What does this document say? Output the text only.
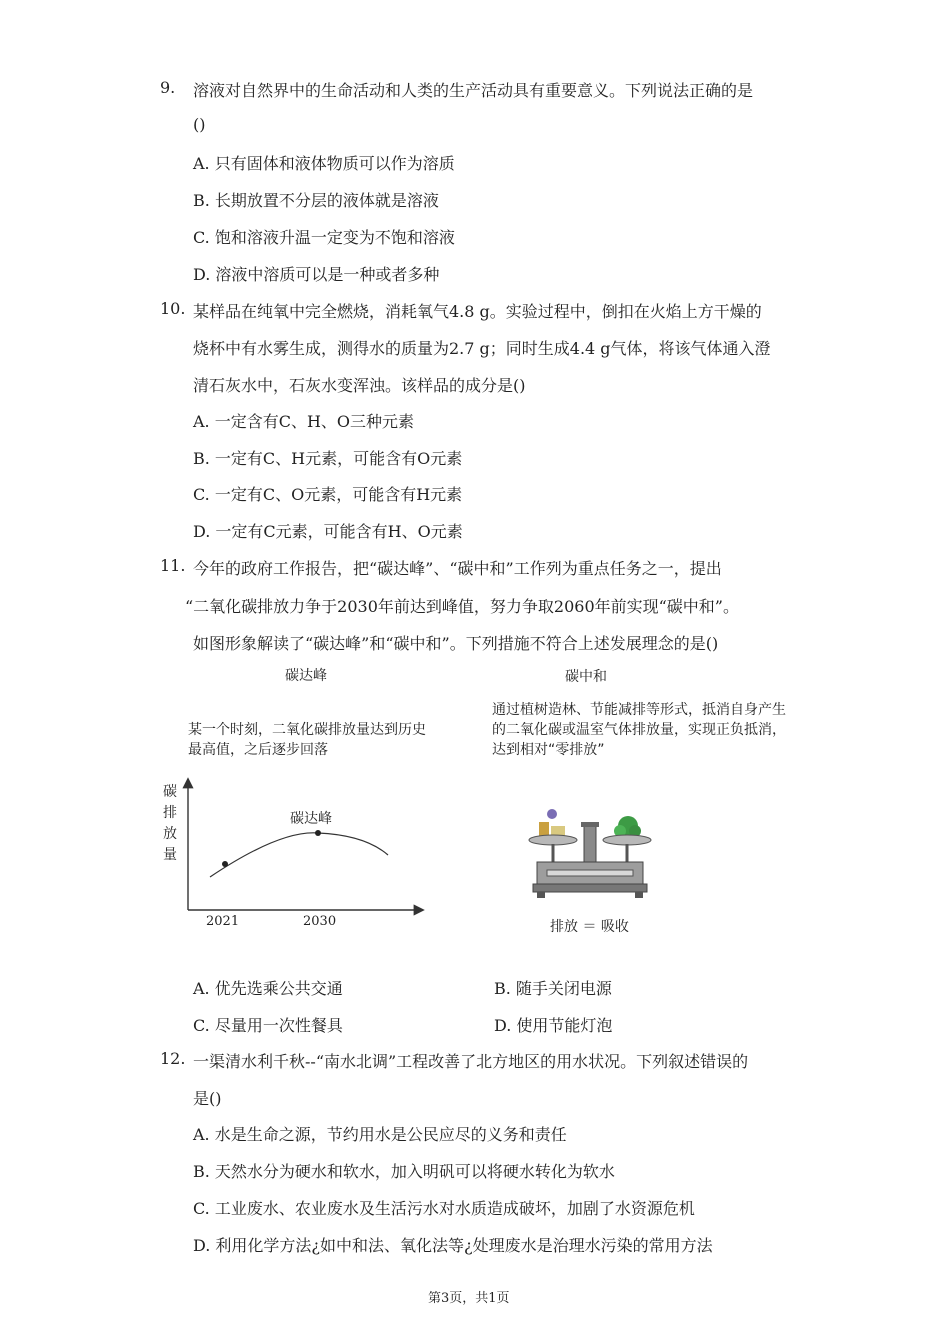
9. 溶液对自然界中的生命活动和人类的生产活动具有重要意义。下列说法正确的是
()
A. 只有固体和液体物质可以作为溶质
B. 长期放置不分层的液体就是溶液
C. 饱和溶液升温一定变为不饱和溶液
D. 溶液中溶质可以是一种或者多种
10. 某样品在纯氧中完全燃烧，消耗氧气4.8 g。实验过程中，倒扣在火焰上方干燥的
烧杯中有水雾生成，测得水的质量为2.7 g；同时生成4.4 g气体，将该气体通入澄
清石灰水中，石灰水变浑浊。该样品的成分是()
A. 一定含有C、H、O三种元素
B. 一定有C、H元素，可能含有O元素
C. 一定有C、O元素，可能含有H元素
D. 一定有C元素，可能含有H、O元素
11. 今年的政府工作报告，把“碳达峰”、“碳中和”工作列为重点任务之一，提出
“二氧化碳排放力争于2030年前达到峰值，努力争取2060年前实现“碳中和”。
如图形象解读了“碳达峰”和“碳中和”。下列措施不符合上述发展理念的是()
碳达峰
某一个时刻，二氧化碳排放量达到历史最高值，之后逐步回落
碳
排
放
量
碳达峰
2021	2030
碳中和
通过植树造林、节能减排等形式，抵消自身产生的二氧化碳或温室气体排放量，实现正负抵消，达到相对“零排放”
排放 ＝ 吸收
A. 优先选乘公共交通	B. 随手关闭电源
C. 尽量用一次性餐具	D. 使用节能灯泡
12. 一渠清水利千秋--“南水北调”工程改善了北方地区的用水状况。下列叙述错误的
是()
A. 水是生命之源，节约用水是公民应尽的义务和责任
B. 天然水分为硬水和软水，加入明矾可以将硬水转化为软水
C. 工业废水、农业废水及生活污水对水质造成破坏，加剧了水资源危机
D. 利用化学方法¿如中和法、氧化法等¿处理废水是治理水污染的常用方法
第3页，共1页
